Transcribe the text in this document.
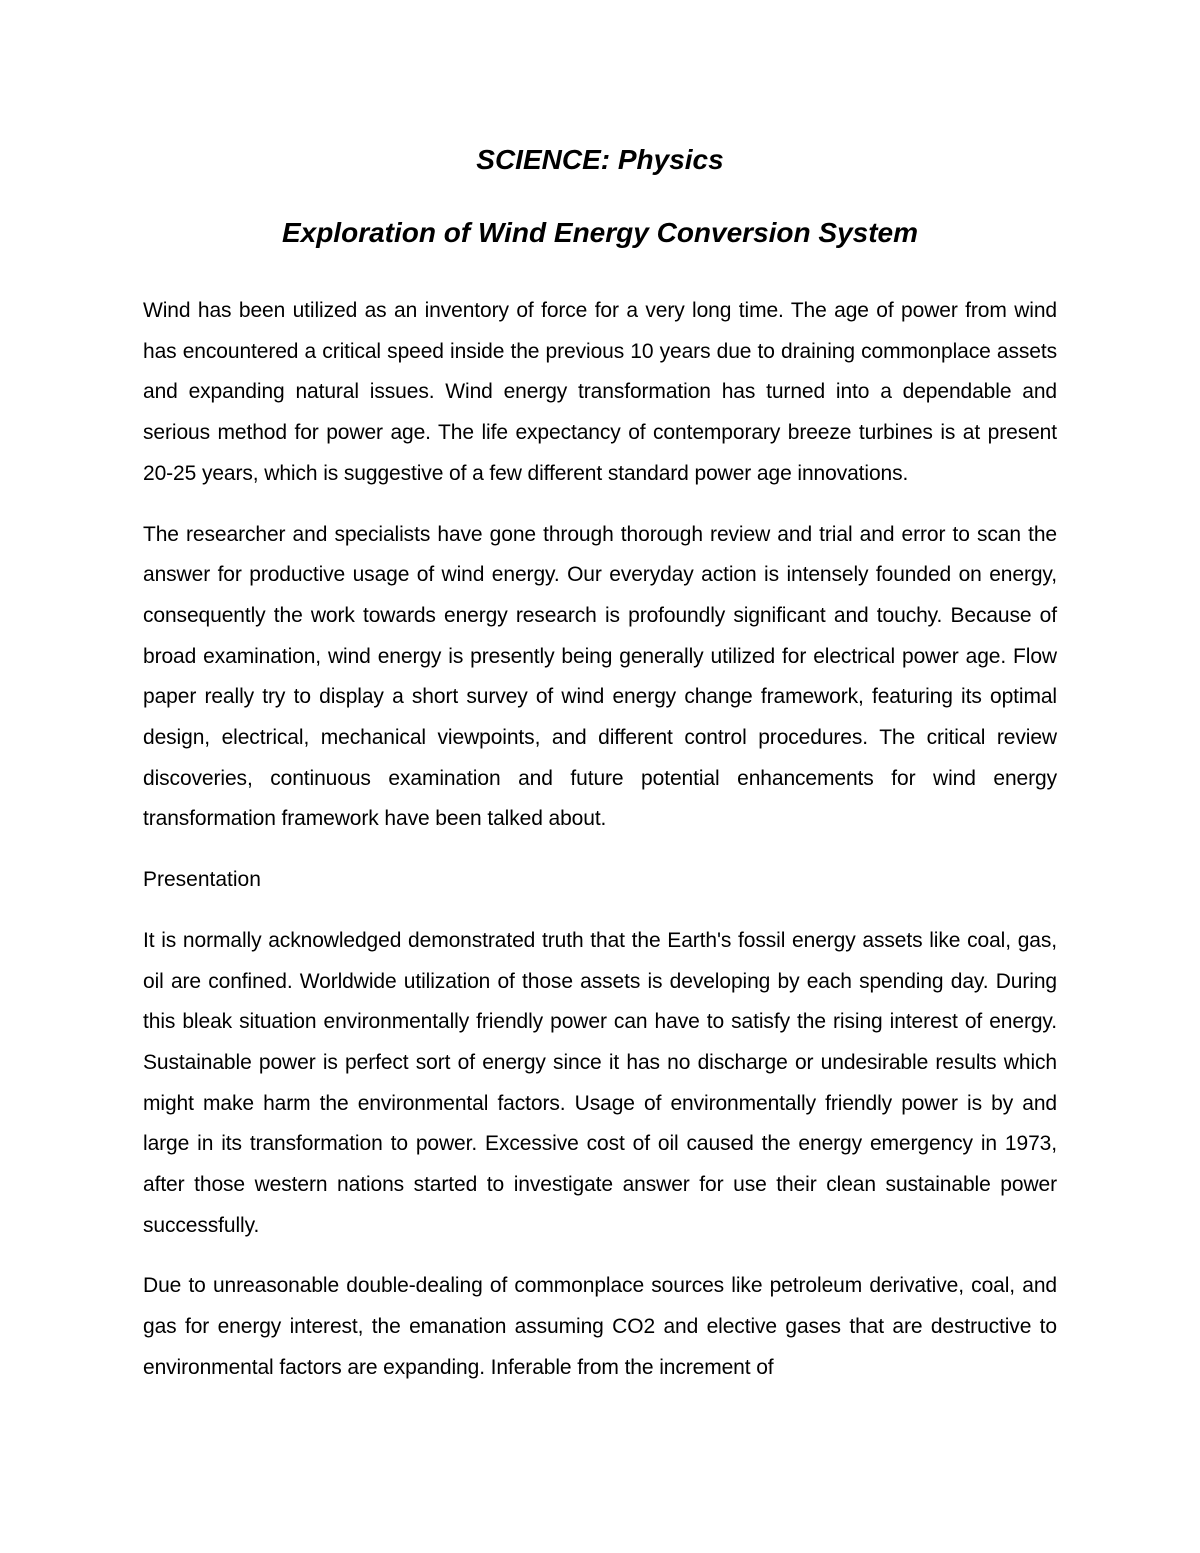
SCIENCE: Physics
Exploration of Wind Energy Conversion System

Wind has been utilized as an inventory of force for a very long time. The age of power from wind has encountered a critical speed inside the previous 10 years due to draining commonplace assets and expanding natural issues. Wind energy transformation has turned into a dependable and serious method for power age. The life expectancy of contemporary breeze turbines is at present 20-25 years, which is suggestive of a few different standard power age innovations.

The researcher and specialists have gone through thorough review and trial and error to scan the answer for productive usage of wind energy. Our everyday action is intensely founded on energy, consequently the work towards energy research is profoundly significant and touchy. Because of broad examination, wind energy is presently being generally utilized for electrical power age. Flow paper really try to display a short survey of wind energy change framework, featuring its optimal design, electrical, mechanical viewpoints, and different control procedures. The critical review discoveries, continuous examination and future potential enhancements for wind energy transformation framework have been talked about.

Presentation

It is normally acknowledged demonstrated truth that the Earth's fossil energy assets like coal, gas, oil are confined. Worldwide utilization of those assets is developing by each spending day. During this bleak situation environmentally friendly power can have to satisfy the rising interest of energy. Sustainable power is perfect sort of energy since it has no discharge or undesirable results which might make harm the environmental factors. Usage of environmentally friendly power is by and large in its transformation to power. Excessive cost of oil caused the energy emergency in 1973, after those western nations started to investigate answer for use their clean sustainable power successfully.

Due to unreasonable double-dealing of commonplace sources like petroleum derivative, coal, and gas for energy interest, the emanation assuming CO2 and elective gases that are destructive to environmental factors are expanding. Inferable from the increment of
